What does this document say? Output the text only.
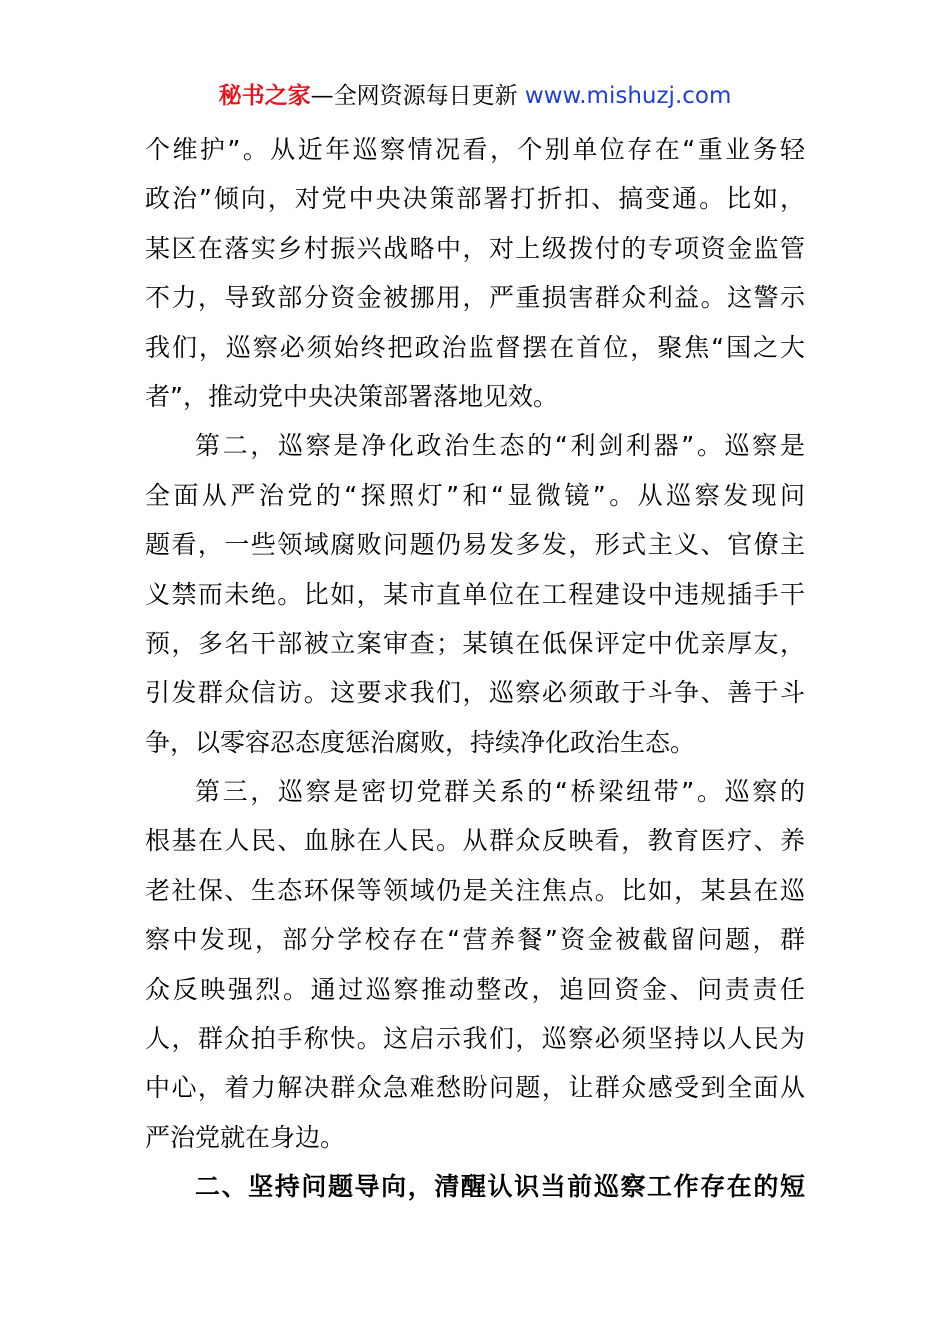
秘书之家—全网资源每日更新 www.mishuzj.com
个维护”。从近年巡察情况看，个别单位存在“重业务轻
政治”倾向，对党中央决策部署打折扣、搞变通。比如，
某区在落实乡村振兴战略中，对上级拨付的专项资金监管
不力，导致部分资金被挪用，严重损害群众利益。这警示
我们，巡察必须始终把政治监督摆在首位，聚焦“国之大
者”，推动党中央决策部署落地见效。
第二，巡察是净化政治生态的“利剑利器”。巡察是
全面从严治党的“探照灯”和“显微镜”。从巡察发现问
题看，一些领域腐败问题仍易发多发，形式主义、官僚主
义禁而未绝。比如，某市直单位在工程建设中违规插手干
预，多名干部被立案审查；某镇在低保评定中优亲厚友，
引发群众信访。这要求我们，巡察必须敢于斗争、善于斗
争，以零容忍态度惩治腐败，持续净化政治生态。
第三，巡察是密切党群关系的“桥梁纽带”。巡察的
根基在人民、血脉在人民。从群众反映看，教育医疗、养
老社保、生态环保等领域仍是关注焦点。比如，某县在巡
察中发现，部分学校存在“营养餐”资金被截留问题，群
众反映强烈。通过巡察推动整改，追回资金、问责责任
人，群众拍手称快。这启示我们，巡察必须坚持以人民为
中心，着力解决群众急难愁盼问题，让群众感受到全面从
严治党就在身边。
二、坚持问题导向，清醒认识当前巡察工作存在的短
